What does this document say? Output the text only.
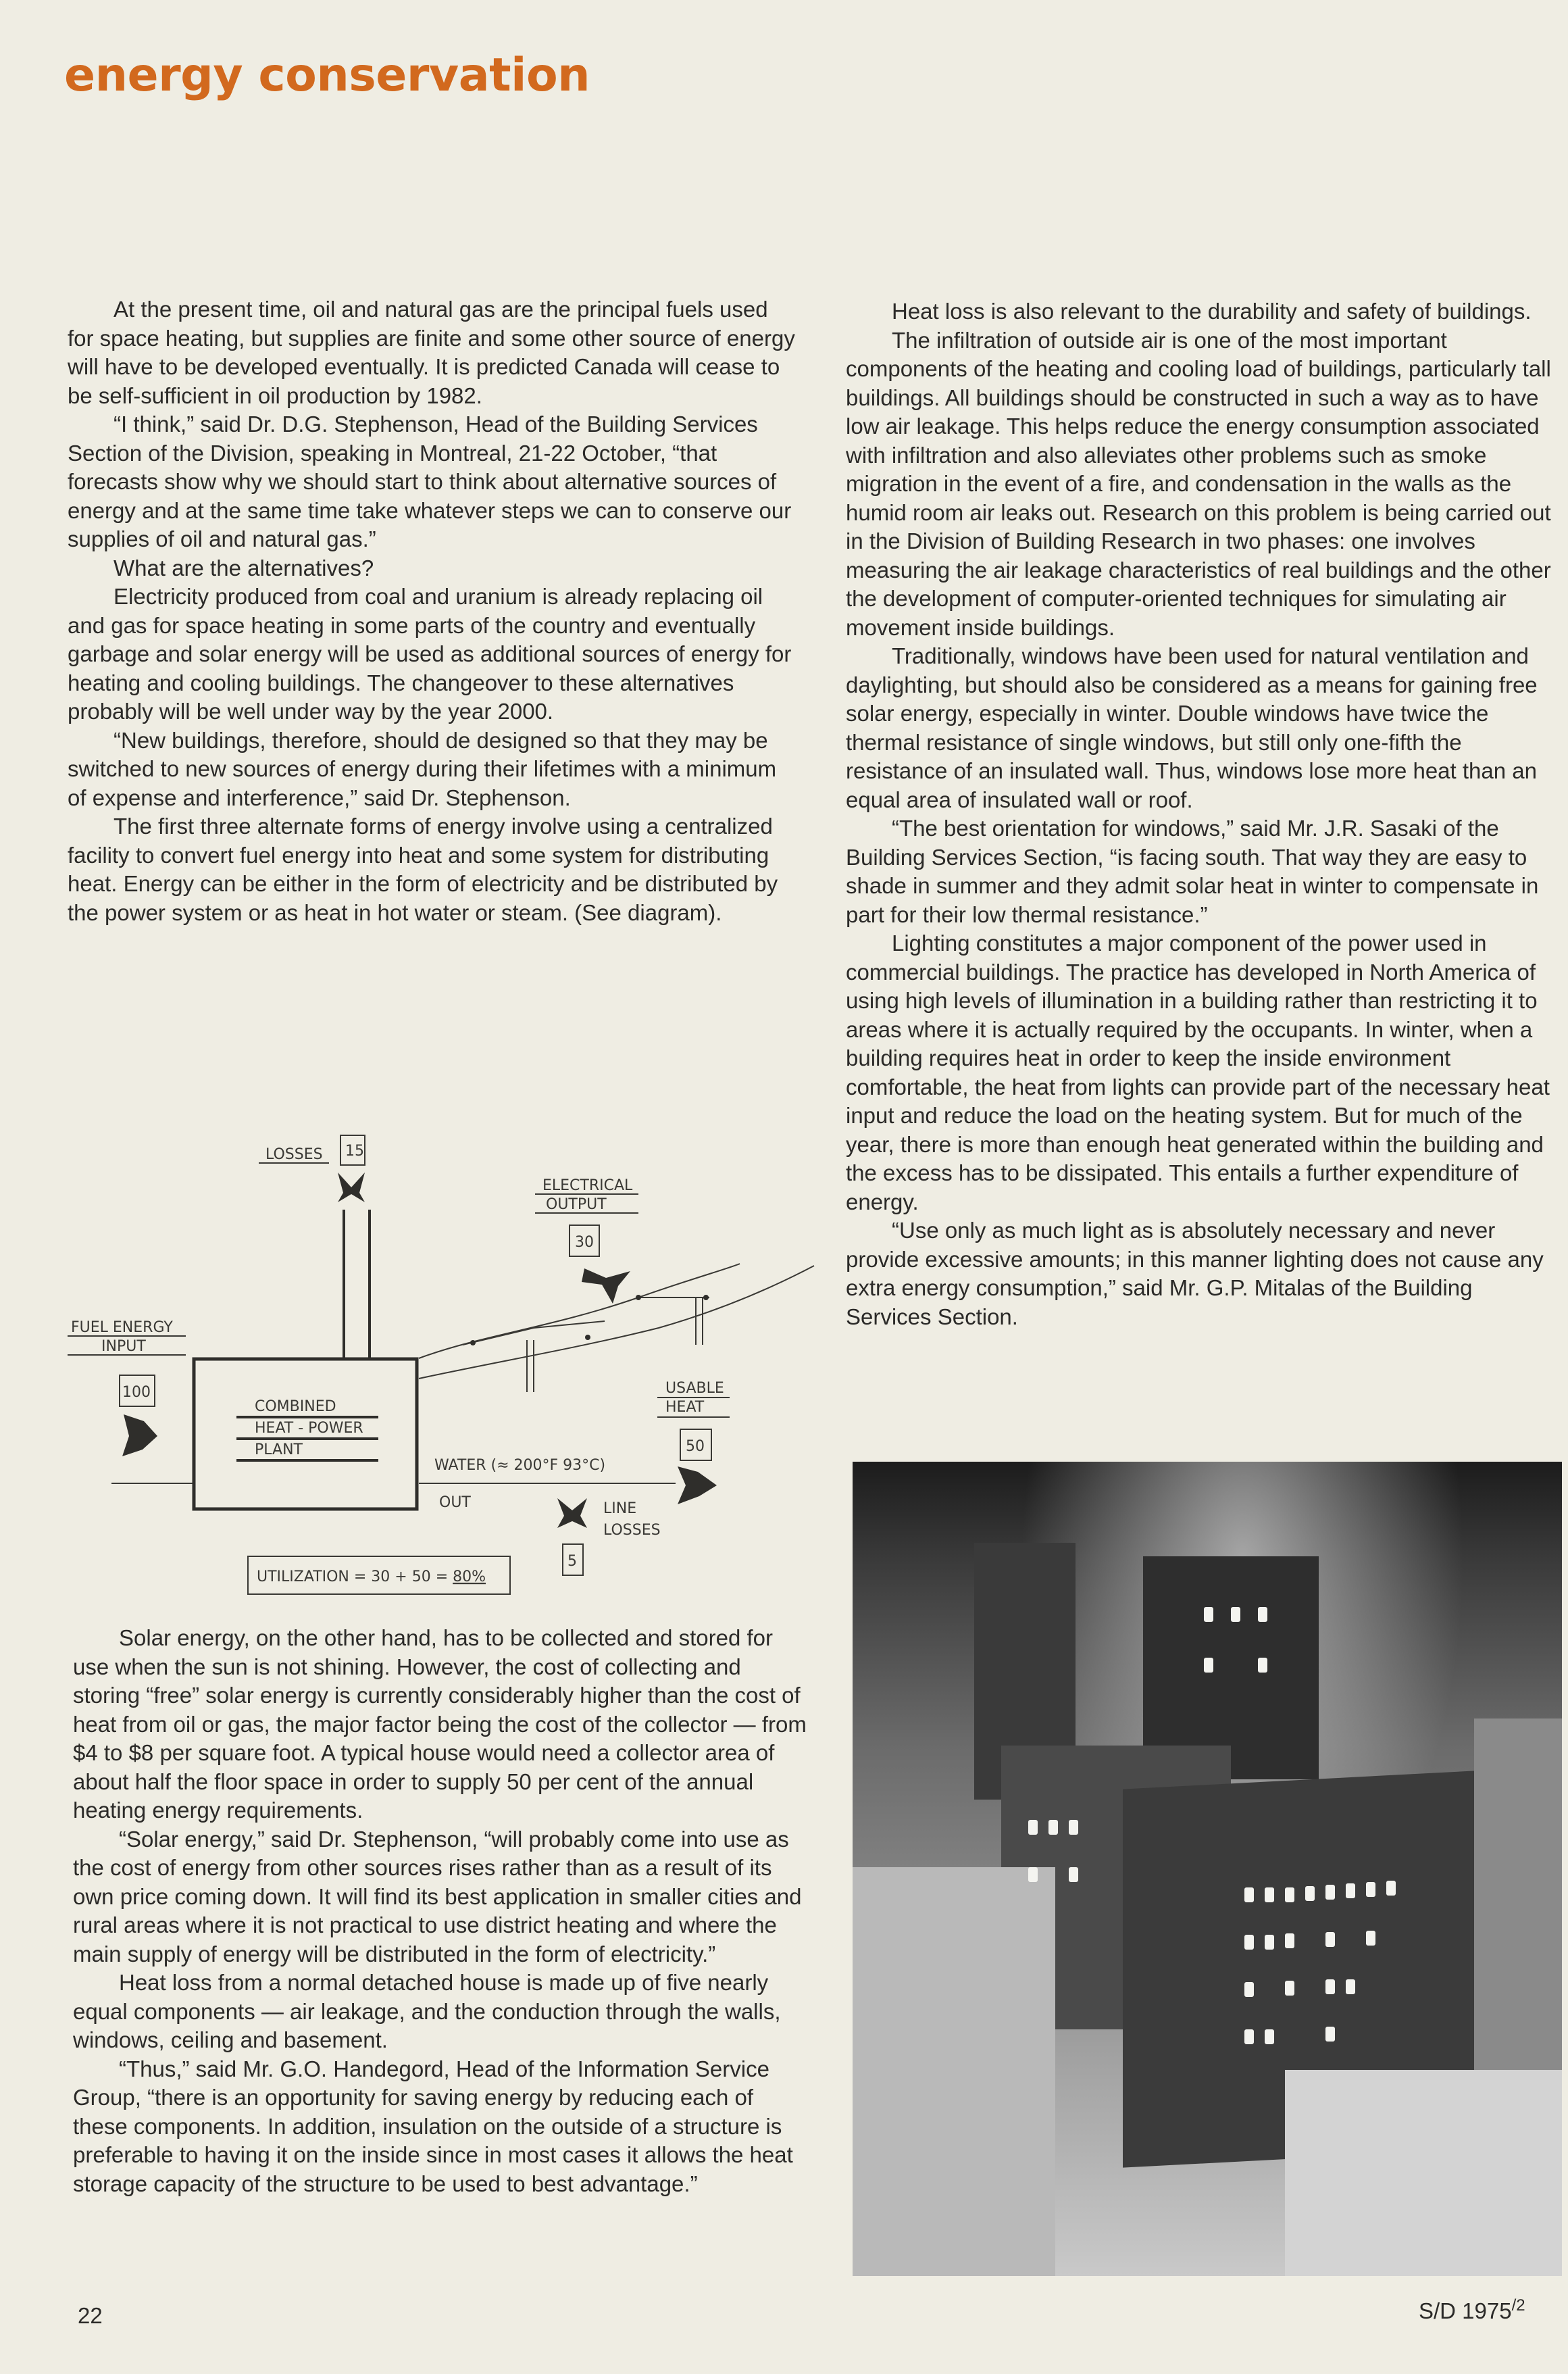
energy conservation

At the present time, oil and natural gas are the principal fuels used for space heating, but supplies are finite and some other source of energy will have to be developed eventually. It is predicted Canada will cease to be self-sufficient in oil production by 1982.

“I think,” said Dr. D.G. Stephenson, Head of the Building Services Section of the Division, speaking in Montreal, 21-22 October, “that forecasts show why we should start to think about alternative sources of energy and at the same time take whatever steps we can to conserve our supplies of oil and natural gas.”

What are the alternatives?

Electricity produced from coal and uranium is already replacing oil and gas for space heating in some parts of the country and eventually garbage and solar energy will be used as additional sources of energy for heating and cooling buildings. The changeover to these alternatives probably will be well under way by the year 2000.

“New buildings, therefore, should de designed so that they may be switched to new sources of energy during their lifetimes with a minimum of expense and interference,” said Dr. Stephenson.

The first three alternate forms of energy involve using a centralized facility to convert fuel energy into heat and some system for distributing heat. Energy can be either in the form of electricity and be distributed by the power system or as heat in hot water or steam. (See diagram).

LOSSES 15
ELECTRICAL
OUTPUT
30
FUEL ENERGY
INPUT
100
COMBINED
HEAT - POWER
PLANT
USABLE
HEAT
50
WATER (≈ 200°F 93°C)
OUT	LINE
LOSSES
5
UTILIZATION = 30 + 50 = 80%

Solar energy, on the other hand, has to be collected and stored for use when the sun is not shining. However, the cost of collecting and storing “free” solar energy is currently considerably higher than the cost of heat from oil or gas, the major factor being the cost of the collector — from $4 to $8 per square foot. A typical house would need a collector area of about half the floor space in order to supply 50 per cent of the annual heating energy requirements.

“Solar energy,” said Dr. Stephenson, “will probably come into use as the cost of energy from other sources rises rather than as a result of its own price coming down. It will find its best application in smaller cities and rural areas where it is not practical to use district heating and where the main supply of energy will be distributed in the form of electricity.”

Heat loss from a normal detached house is made up of five nearly equal components — air leakage, and the conduction through the walls, windows, ceiling and basement.

“Thus,” said Mr. G.O. Handegord, Head of the Information Service Group, “there is an opportunity for saving energy by reducing each of these components. In addition, insulation on the outside of a structure is preferable to having it on the inside since in most cases it allows the heat storage capacity of the structure to be used to best advantage.”

Heat loss is also relevant to the durability and safety of buildings.

The infiltration of outside air is one of the most important components of the heating and cooling load of buildings, particularly tall buildings. All buildings should be constructed in such a way as to have low air leakage. This helps reduce the energy consumption associated with infiltration and also alleviates other problems such as smoke migration in the event of a fire, and condensation in the walls as the humid room air leaks out. Research on this problem is being carried out in the Division of Building Research in two phases: one involves measuring the air leakage characteristics of real buildings and the other the development of computer-oriented techniques for simulating air movement inside buildings.

Traditionally, windows have been used for natural ventilation and daylighting, but should also be considered as a means for gaining free solar energy, especially in winter. Double windows have twice the thermal resistance of single windows, but still only one-fifth the resistance of an insulated wall. Thus, windows lose more heat than an equal area of insulated wall or roof.

“The best orientation for windows,” said Mr. J.R. Sasaki of the Building Services Section, “is facing south. That way they are easy to shade in summer and they admit solar heat in winter to compensate in part for their low thermal resistance.”

Lighting constitutes a major component of the power used in commercial buildings. The practice has developed in North America of using high levels of illumination in a building rather than restricting it to areas where it is actually required by the occupants. In winter, when a building requires heat in order to keep the inside environment comfortable, the heat from lights can provide part of the necessary heat input and reduce the load on the heating system. But for much of the year, there is more than enough heat generated within the building and the excess has to be dissipated. This entails a further expenditure of energy.

“Use only as much light as is absolutely necessary and never provide excessive amounts; in this manner lighting does not cause any extra energy consumption,” said Mr. G.P. Mitalas of the Building Services Section.

22	S/D $1975^{/2}$
